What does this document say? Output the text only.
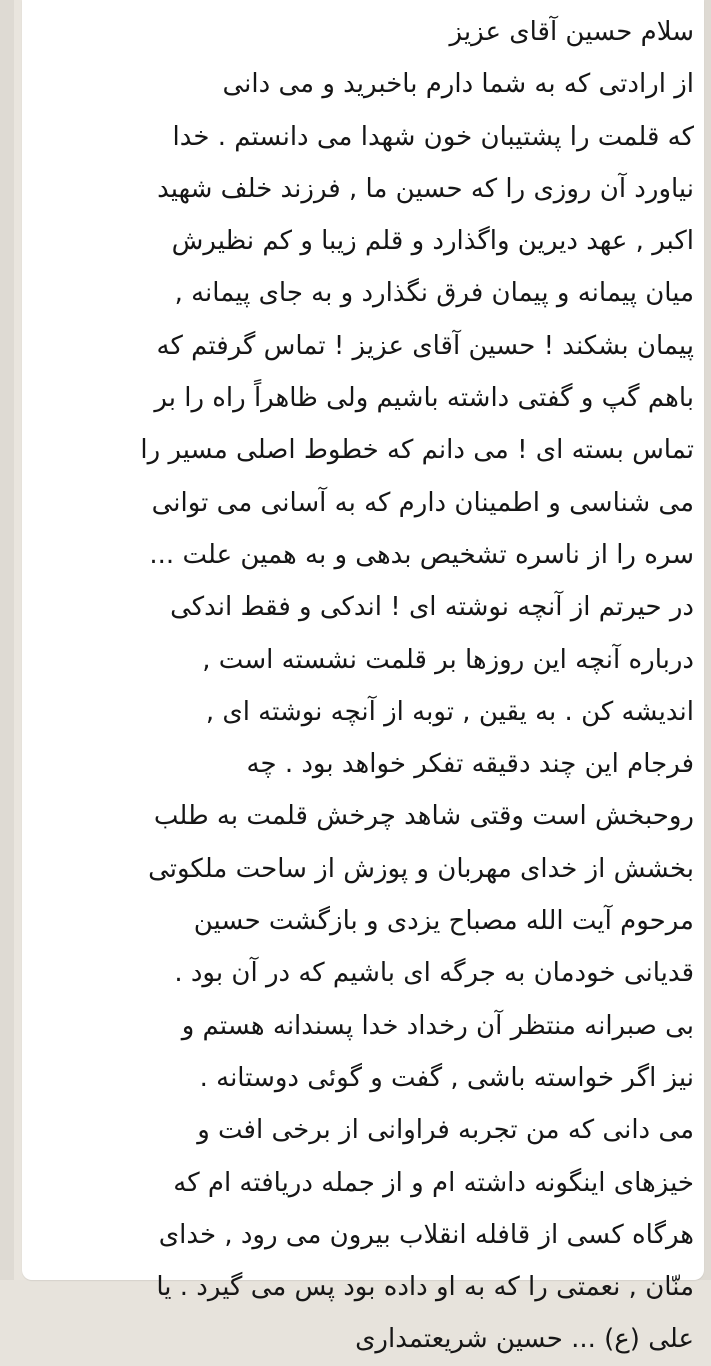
سلام حسین آقای عزیز
از ارادتی که به شما دارم باخبرید و می دانی
که قلمت را پشتیبان خون شهدا می دانستم . خدا
نیاورد آن روزی را که حسین ما , فرزند خلف شهید
اکبر , عهد دیرین واگذارد و قلم زیبا و کم نظیرش
میان پیمانه و پیمان فرق نگذارد و به جای پیمانه ,
پیمان بشکند ! حسین آقای عزیز ! تماس گرفتم که
باهم گپ و گفتی داشته باشیم ولی ظاهراً راه را بر
تماس بسته ای ! می دانم که خطوط اصلی مسیر را
می شناسی و اطمینان دارم که به آسانی می توانی
سره را از ناسره تشخیص بدهی و به همین علت ...
در حیرتم از آنچه نوشته ای ! اندکی و فقط اندکی
درباره آنچه این روزها بر قلمت نشسته است ,
اندیشه کن . به یقین , توبه از آنچه نوشته ای ,
فرجام این چند دقیقه تفکر خواهد بود . چه
روحبخش است وقتی شاهد چرخش قلمت به طلب
بخشش از خدای مهربان و پوزش از ساحت ملکوتی
مرحوم آیت الله مصباح یزدی و بازگشت حسین
قدیانی خودمان به جرگه ای باشیم که در آن بود .
بی صبرانه منتظر آن رخداد خدا پسندانه هستم و
نیز اگر خواسته باشی , گفت و گوئی دوستانه .
می دانی که من تجربه فراوانی از برخی افت و
خیزهای اینگونه داشته ام و از جمله دریافته ام که
هرگاه کسی از قافله انقلاب بیرون می رود , خدای
منّان , نعمتی را که به او داده بود پس می گیرد . یا
علی (ع) ... حسین شریعتمداری
